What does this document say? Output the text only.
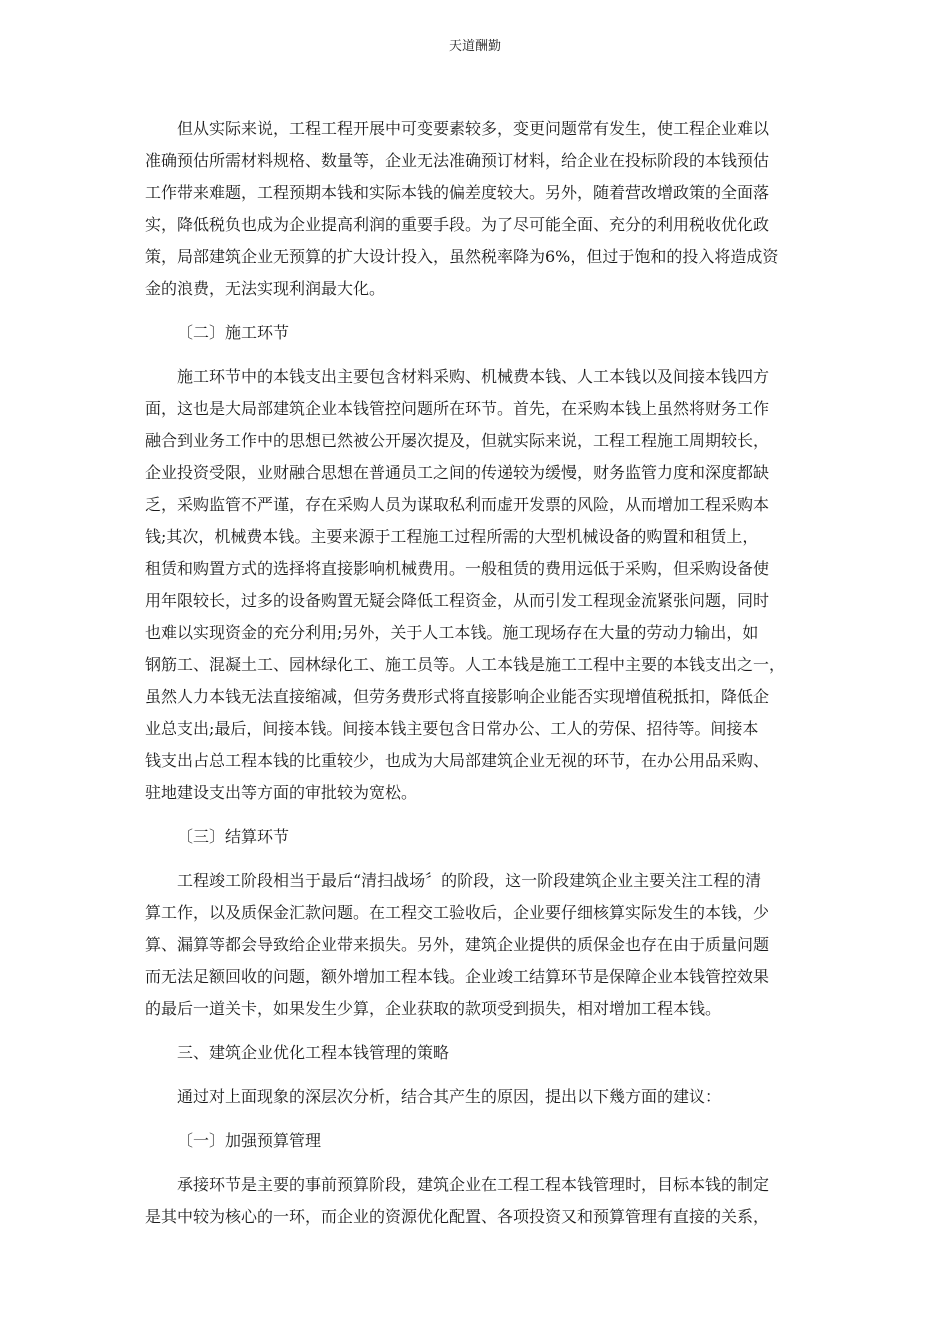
天道酬勤

但从实际来说，工程工程开展中可变要素较多，变更问题常有发生，使工程企业难以
准确预估所需材料规格、数量等，企业无法准确预订材料，给企业在投标阶段的本钱预估
工作带来难题，工程预期本钱和实际本钱的偏差度较大。另外，随着营改增政策的全面落
实，降低税负也成为企业提高利润的重要手段。为了尽可能全面、充分的利用税收优化政
策，局部建筑企业无预算的扩大设计投入，虽然税率降为6%，但过于饱和的投入将造成资
金的浪费，无法实现利润最大化。

〔二〕施工环节

施工环节中的本钱支出主要包含材料采购、机械费本钱、人工本钱以及间接本钱四方
面，这也是大局部建筑企业本钱管控问题所在环节。首先，在采购本钱上虽然将财务工作
融合到业务工作中的思想已然被公开屡次提及，但就实际来说，工程工程施工周期较长，
企业投资受限，业财融合思想在普通员工之间的传递较为缓慢，财务监管力度和深度都缺
乏，采购监管不严谨，存在采购人员为谋取私利而虚开发票的风险，从而增加工程采购本
钱;其次，机械费本钱。主要来源于工程施工过程所需的大型机械设备的购置和租赁上，
租赁和购置方式的选择将直接影响机械费用。一般租赁的费用远低于采购，但采购设备使
用年限较长，过多的设备购置无疑会降低工程资金，从而引发工程现金流紧张问题，同时
也难以实现资金的充分利用;另外，关于人工本钱。施工现场存在大量的劳动力输出，如
钢筋工、混凝土工、园林绿化工、施工员等。人工本钱是施工工程中主要的本钱支出之一，
虽然人力本钱无法直接缩减，但劳务费形式将直接影响企业能否实现增值税抵扣，降低企
业总支出;最后，间接本钱。间接本钱主要包含日常办公、工人的劳保、招待等。间接本
钱支出占总工程本钱的比重较少，也成为大局部建筑企业无视的环节，在办公用品采购、
驻地建设支出等方面的审批较为宽松。

〔三〕结算环节

工程竣工阶段相当于最后“清扫战场〞的阶段，这一阶段建筑企业主要关注工程的清
算工作，以及质保金汇款问题。在工程交工验收后，企业要仔细核算实际发生的本钱，少
算、漏算等都会导致给企业带来损失。另外，建筑企业提供的质保金也存在由于质量问题
而无法足额回收的问题，额外增加工程本钱。企业竣工结算环节是保障企业本钱管控效果
的最后一道关卡，如果发生少算，企业获取的款项受到损失，相对增加工程本钱。

三、建筑企业优化工程本钱管理的策略

通过对上面现象的深层次分析，结合其产生的原因，提出以下幾方面的建议：

〔一〕加强预算管理

承接环节是主要的事前预算阶段，建筑企业在工程工程本钱管理时，目标本钱的制定
是其中较为核心的一环，而企业的资源优化配置、各项投资又和预算管理有直接的关系，
